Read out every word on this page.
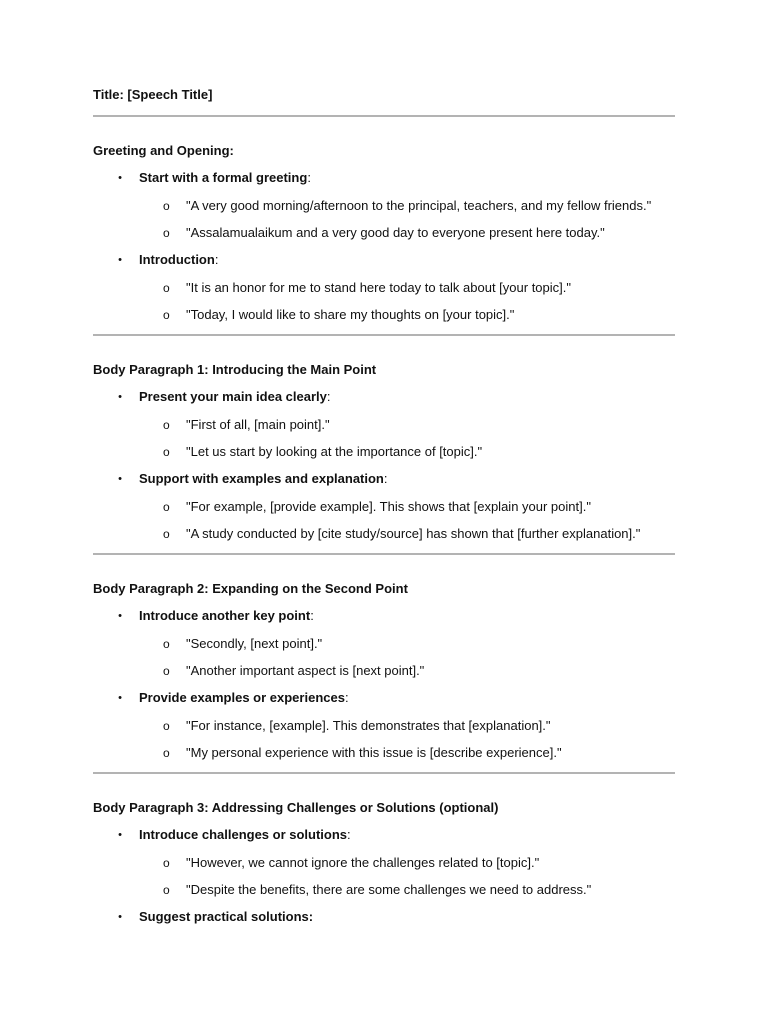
Title: [Speech Title]
Greeting and Opening:
• Start with a formal greeting:
o "A very good morning/afternoon to the principal, teachers, and my fellow friends."
o "Assalamualaikum and a very good day to everyone present here today."
• Introduction:
o "It is an honor for me to stand here today to talk about [your topic]."
o "Today, I would like to share my thoughts on [your topic]."
Body Paragraph 1: Introducing the Main Point
• Present your main idea clearly:
o "First of all, [main point]."
o "Let us start by looking at the importance of [topic]."
• Support with examples and explanation:
o "For example, [provide example]. This shows that [explain your point]."
o "A study conducted by [cite study/source] has shown that [further explanation]."
Body Paragraph 2: Expanding on the Second Point
• Introduce another key point:
o "Secondly, [next point]."
o "Another important aspect is [next point]."
• Provide examples or experiences:
o "For instance, [example]. This demonstrates that [explanation]."
o "My personal experience with this issue is [describe experience]."
Body Paragraph 3: Addressing Challenges or Solutions (optional)
• Introduce challenges or solutions:
o "However, we cannot ignore the challenges related to [topic]."
o "Despite the benefits, there are some challenges we need to address."
• Suggest practical solutions:
